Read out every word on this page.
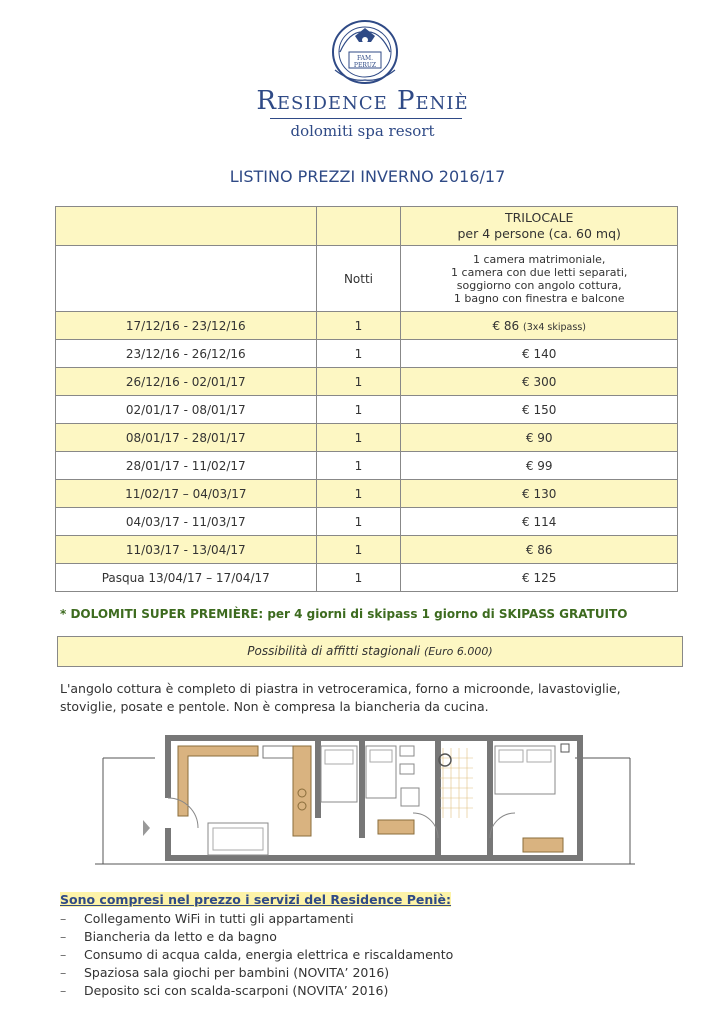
FAM.
PERUZ
Residence Peniè
dolomiti spa resort
LISTINO PREZZI INVERNO 2016/17

		TRILOCALE
per 4 persone (ca. 60 mq)

	Notti	1 camera matrimoniale,
1 camera con due letti separati,
soggiorno con angolo cottura,
1 bagno con finestra e balcone

17/12/16 - 23/12/16	1	€ 86 (3x4 skipass)
23/12/16 - 26/12/16	1	€ 140
26/12/16 - 02/01/17	1	€ 300
02/01/17 - 08/01/17	1	€ 150
08/01/17 - 28/01/17	1	€ 90
28/01/17 - 11/02/17	1	€ 99
11/02/17 – 04/03/17	1	€ 130
04/03/17 - 11/03/17	1	€ 114
11/03/17 - 13/04/17	1	€ 86
Pasqua 13/04/17 – 17/04/17	1	€ 125
* DOLOMITI SUPER PREMIÈRE: per 4 giorni di skipass 1 giorno di SKIPASS GRATUITO
Possibilità di affitti stagionali (Euro 6.000)
L'angolo cottura è completo di piastra in vetroceramica, forno a microonde, lavastoviglie, stoviglie, posate e pentole. Non è compresa la biancheria da cucina.
Sono compresi nel prezzo i servizi del Residence Peniè:
– Collegamento WiFi in tutti gli appartamenti
– Biancheria da letto e da bagno
– Consumo di acqua calda, energia elettrica e riscaldamento
– Spaziosa sala giochi per bambini (NOVITA’ 2016)
– Deposito sci con scalda-scarponi (NOVITA’ 2016)
